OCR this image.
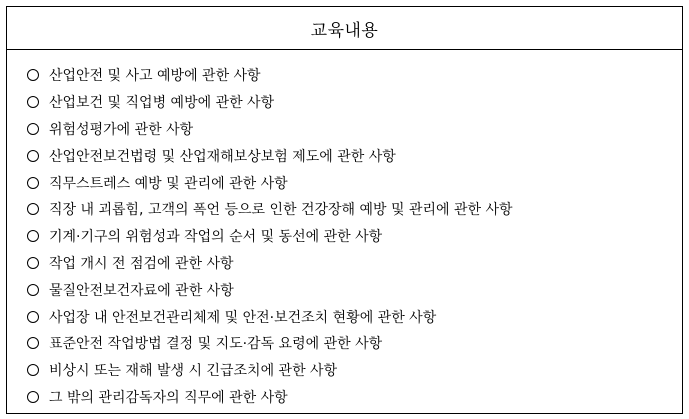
교육내용
산업안전 및 사고 예방에 관한 사항
산업보건 및 직업병 예방에 관한 사항
위험성평가에 관한 사항
산업안전보건법령 및 산업재해보상보험 제도에 관한 사항
직무스트레스 예방 및 관리에 관한 사항
직장 내 괴롭힘, 고객의 폭언 등으로 인한 건강장해 예방 및 관리에 관한 사항
기계·기구의 위험성과 작업의 순서 및 동선에 관한 사항
작업 개시 전 점검에 관한 사항
물질안전보건자료에 관한 사항
사업장 내 안전보건관리체제 및 안전·보건조치 현황에 관한 사항
표준안전 작업방법 결정 및 지도·감독 요령에 관한 사항
비상시 또는 재해 발생 시 긴급조치에 관한 사항
그 밖의 관리감독자의 직무에 관한 사항
